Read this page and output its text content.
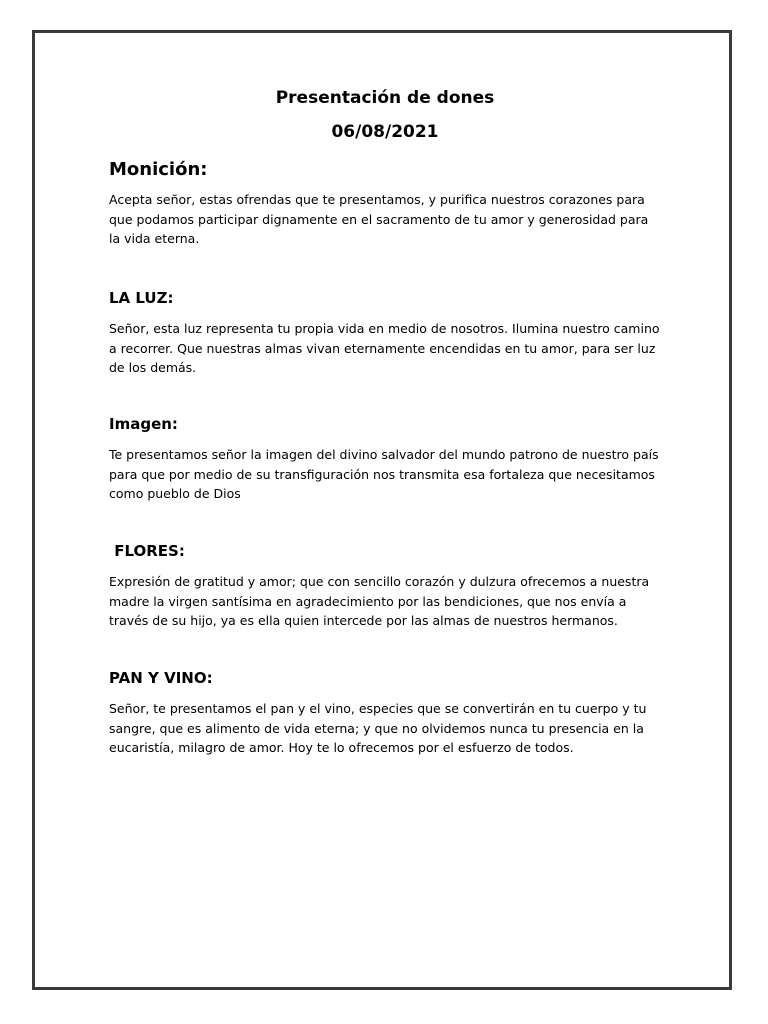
Presentación de dones
06/08/2021
Monición:

Acepta señor, estas ofrendas que te presentamos, y purifica nuestros corazones para que podamos participar dignamente en el sacramento de tu amor y generosidad para la vida eterna.

LA LUZ:

Señor, esta luz representa tu propia vida en medio de nosotros. Ilumina nuestro camino a recorrer. Que nuestras almas vivan eternamente encendidas en tu amor, para ser luz de los demás.

Imagen:

Te presentamos señor la imagen del divino salvador del mundo patrono de nuestro país para que por medio de su transfiguración nos transmita esa fortaleza que necesitamos como pueblo de Dios

FLORES:

Expresión de gratitud y amor; que con sencillo corazón y dulzura ofrecemos a nuestra madre la virgen santísima en agradecimiento por las bendiciones, que nos envía a través de su hijo, ya es ella quien intercede por las almas de nuestros hermanos.

PAN Y VINO:

Señor, te presentamos el pan y el vino, especies que se convertirán en tu cuerpo y tu sangre, que es alimento de vida eterna; y que no olvidemos nunca tu presencia en la eucaristía, milagro de amor. Hoy te lo ofrecemos por el esfuerzo de todos.
